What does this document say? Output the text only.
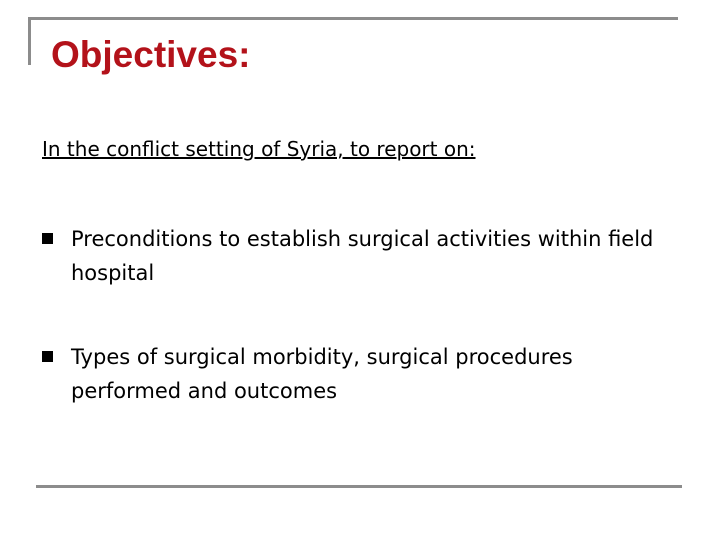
Objectives:
In the conflict setting of Syria, to report on:
Preconditions to establish surgical activities within field hospital
Types of surgical morbidity, surgical procedures performed and outcomes
